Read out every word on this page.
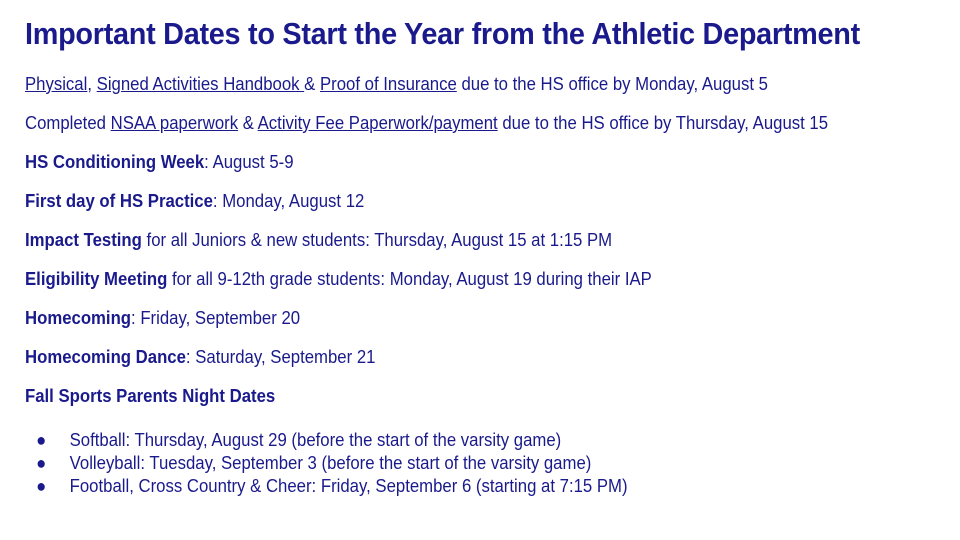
Important Dates to Start the Year from the Athletic Department
Physical, Signed Activities Handbook & Proof of Insurance due to the HS office by Monday, August 5
Completed NSAA paperwork & Activity Fee Paperwork/payment due to the HS office by Thursday, August 15
HS Conditioning Week: August 5-9
First day of HS Practice: Monday, August 12
Impact Testing for all Juniors & new students: Thursday, August 15 at 1:15 PM
Eligibility Meeting for all 9-12th grade students: Monday, August 19 during their IAP
Homecoming: Friday, September 20
Homecoming Dance: Saturday, September 21
Fall Sports Parents Night Dates
● Softball: Thursday, August 29 (before the start of the varsity game)
● Volleyball: Tuesday, September 3 (before the start of the varsity game)
● Football, Cross Country & Cheer: Friday, September 6 (starting at 7:15 PM)
